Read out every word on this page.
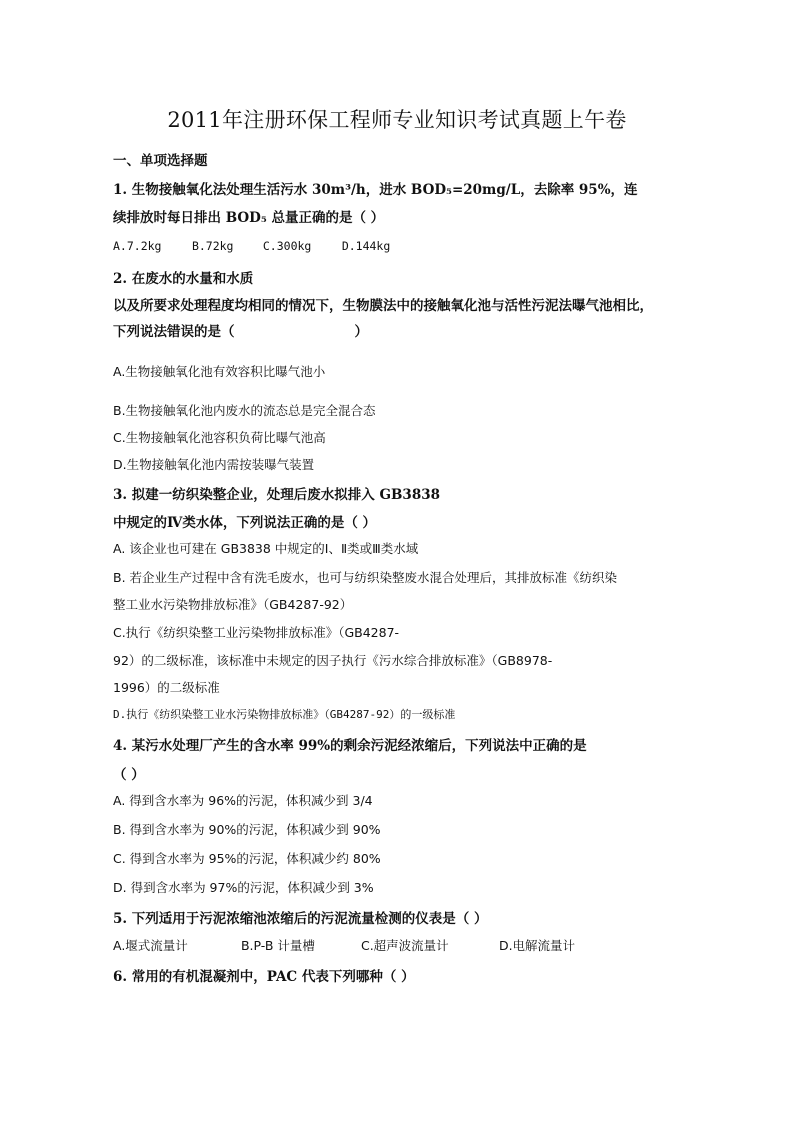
2011年注册环保工程师专业知识考试真题上午卷
一、单项选择题
1. 生物接触氧化法处理生活污水 30m³/h，进水 BOD₅=20mg/L，去除率 95%，连
续排放时每日排出 BOD₅ 总量正确的是（ ）
A.7.2kg	B.72kg	C.300kg	D.144kg
2. 在废水的水量和水质
以及所要求处理程度均相同的情况下，生物膜法中的接触氧化池与活性污泥法曝气池相比，
下列说法错误的是（	）
A.生物接触氧化池有效容积比曝气池小
B.生物接触氧化池内废水的流态总是完全混合态
C.生物接触氧化池容积负荷比曝气池高
D.生物接触氧化池内需按装曝气装置
3. 拟建一纺织染整企业，处理后废水拟排入 GB3838
中规定的Ⅳ类水体，下列说法正确的是（ ）
A. 该企业也可建在 GB3838 中规定的Ⅰ、Ⅱ类或Ⅲ类水域
B. 若企业生产过程中含有洗毛废水，也可与纺织染整废水混合处理后，其排放标准《纺织染
整工业水污染物排放标准》（GB4287-92）
C.执行《纺织染整工业污染物排放标准》（GB4287-
92）的二级标准，该标准中未规定的因子执行《污水综合排放标准》（GB8978-
1996）的二级标准
D.执行《纺织染整工业水污染物排放标准》（GB4287-92）的一级标准
4. 某污水处理厂产生的含水率 99%的剩余污泥经浓缩后，下列说法中正确的是
（ ）
A. 得到含水率为 96%的污泥，体积减少到 3/4
B. 得到含水率为 90%的污泥，体积减少到 90%
C. 得到含水率为 95%的污泥，体积减少约 80%
D. 得到含水率为 97%的污泥，体积减少到 3%
5. 下列适用于污泥浓缩池浓缩后的污泥流量检测的仪表是（ ）
A.堰式流量计	B.P-B 计量槽	C.超声波流量计	D.电解流量计
6. 常用的有机混凝剂中，PAC 代表下列哪种（ ）
